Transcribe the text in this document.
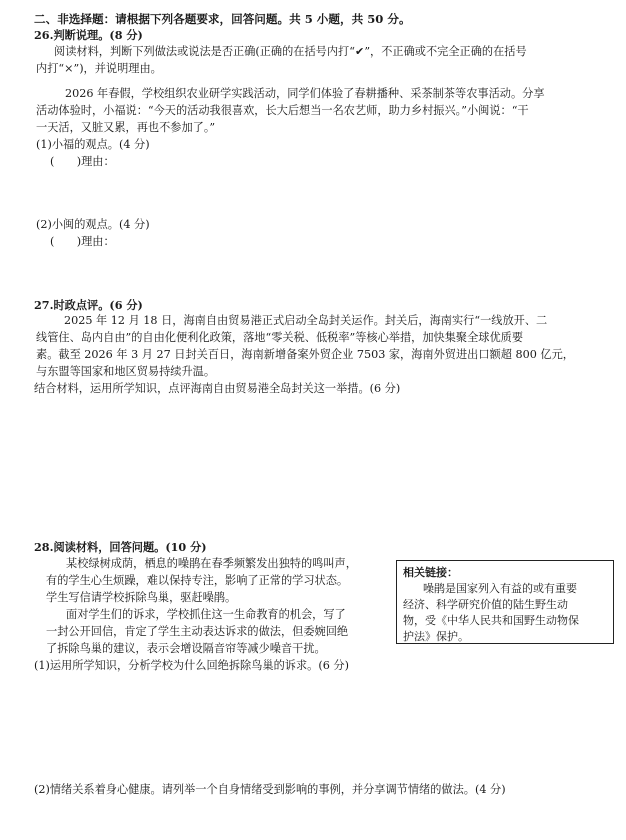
二、非选择题：请根据下列各题要求，回答问题。共 5 小题，共 50 分。
26.判断说理。(8 分)
阅读材料，判断下列做法或说法是否正确(正确的在括号内打“✔”，不正确或不完全正确的在括号
内打“×”)，并说明理由。
2026 年春假，学校组织农业研学实践活动，同学们体验了春耕播种、采茶制茶等农事活动。分享
活动体验时，小福说：“今天的活动我很喜欢，长大后想当一名农艺师，助力乡村振兴。”小闽说：“干
一天活，又脏又累，再也不参加了。”
(1)小福的观点。(4 分)
(　　)理由：
(2)小闽的观点。(4 分)
(　　)理由：
27.时政点评。(6 分)
2025 年 12 月 18 日，海南自由贸易港正式启动全岛封关运作。封关后，海南实行“一线放开、二
线管住、岛内自由”的自由化便利化政策，落地“零关税、低税率”等核心举措，加快集聚全球优质要
素。截至 2026 年 3 月 27 日封关百日，海南新增备案外贸企业 7503 家，海南外贸进出口额超 800 亿元，
与东盟等国家和地区贸易持续升温。
结合材料，运用所学知识，点评海南自由贸易港全岛封关这一举措。(6 分)
28.阅读材料，回答问题。(10 分)
某校绿树成荫，栖息的噪鹃在春季频繁发出独特的鸣叫声，
有的学生心生烦躁，难以保持专注，影响了正常的学习状态。
学生写信请学校拆除鸟巢，驱赶噪鹃。
面对学生们的诉求，学校抓住这一生命教育的机会，写了
一封公开回信，肯定了学生主动表达诉求的做法，但委婉回绝
了拆除鸟巢的建议，表示会增设隔音帘等减少噪音干扰。
相关链接：
噪鹃是国家列入有益的或有重要
经济、科学研究价值的陆生野生动
物，受《中华人民共和国野生动物保
护法》保护。
(1)运用所学知识，分析学校为什么回绝拆除鸟巢的诉求。(6 分)
(2)情绪关系着身心健康。请列举一个自身情绪受到影响的事例，并分享调节情绪的做法。(4 分)
